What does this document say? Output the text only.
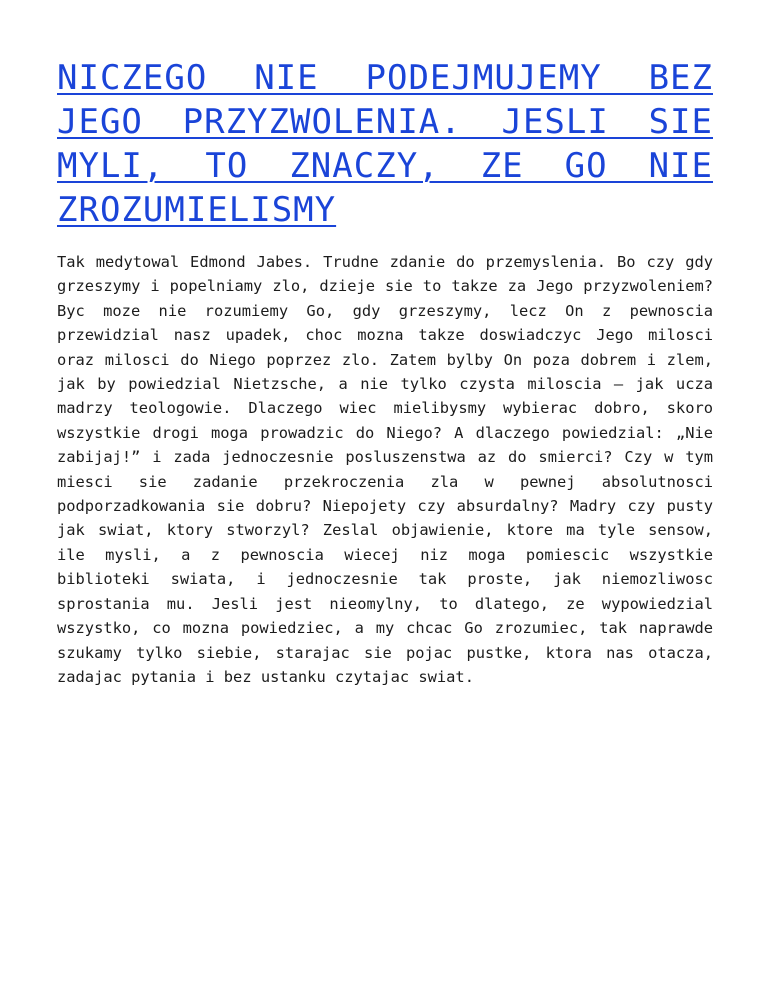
NICZEGO NIE PODEJMUJEMY BEZ JEGO PRZYZWOLENIA. JESLI SIE MYLI, TO ZNACZY, ZE GO NIE ZROZUMIELISMY

Tak medytowal Edmond Jabes. Trudne zdanie do przemyslenia. Bo czy gdy grzeszymy i popelniamy zlo, dzieje sie to takze za Jego przyzwoleniem? Byc moze nie rozumiemy Go, gdy grzeszymy, lecz On z pewnoscia przewidzial nasz upadek, choc mozna takze doswiadczyc Jego milosci oraz milosci do Niego poprzez zlo. Zatem bylby On poza dobrem i zlem, jak by powiedzial Nietzsche, a nie tylko czysta miloscia – jak ucza madrzy teologowie. Dlaczego wiec mielibysmy wybierac dobro, skoro wszystkie drogi moga prowadzic do Niego? A dlaczego powiedzial: „Nie zabijaj!” i zada jednoczesnie posluszenstwa az do smierci? Czy w tym miesci sie zadanie przekroczenia zla w pewnej absolutnosci podporzadkowania sie dobru? Niepojety czy absurdalny? Madry czy pusty jak swiat, ktory stworzyl? Zeslal objawienie, ktore ma tyle sensow, ile mysli, a z pewnoscia wiecej niz moga pomiescic wszystkie biblioteki swiata, i jednoczesnie tak proste, jak niemozliwosc sprostania mu. Jesli jest nieomylny, to dlatego, ze wypowiedzial wszystko, co mozna powiedziec, a my chcac Go zrozumiec, tak naprawde szukamy tylko siebie, starajac sie pojac pustke, ktora nas otacza, zadajac pytania i bez ustanku czytajac swiat.
